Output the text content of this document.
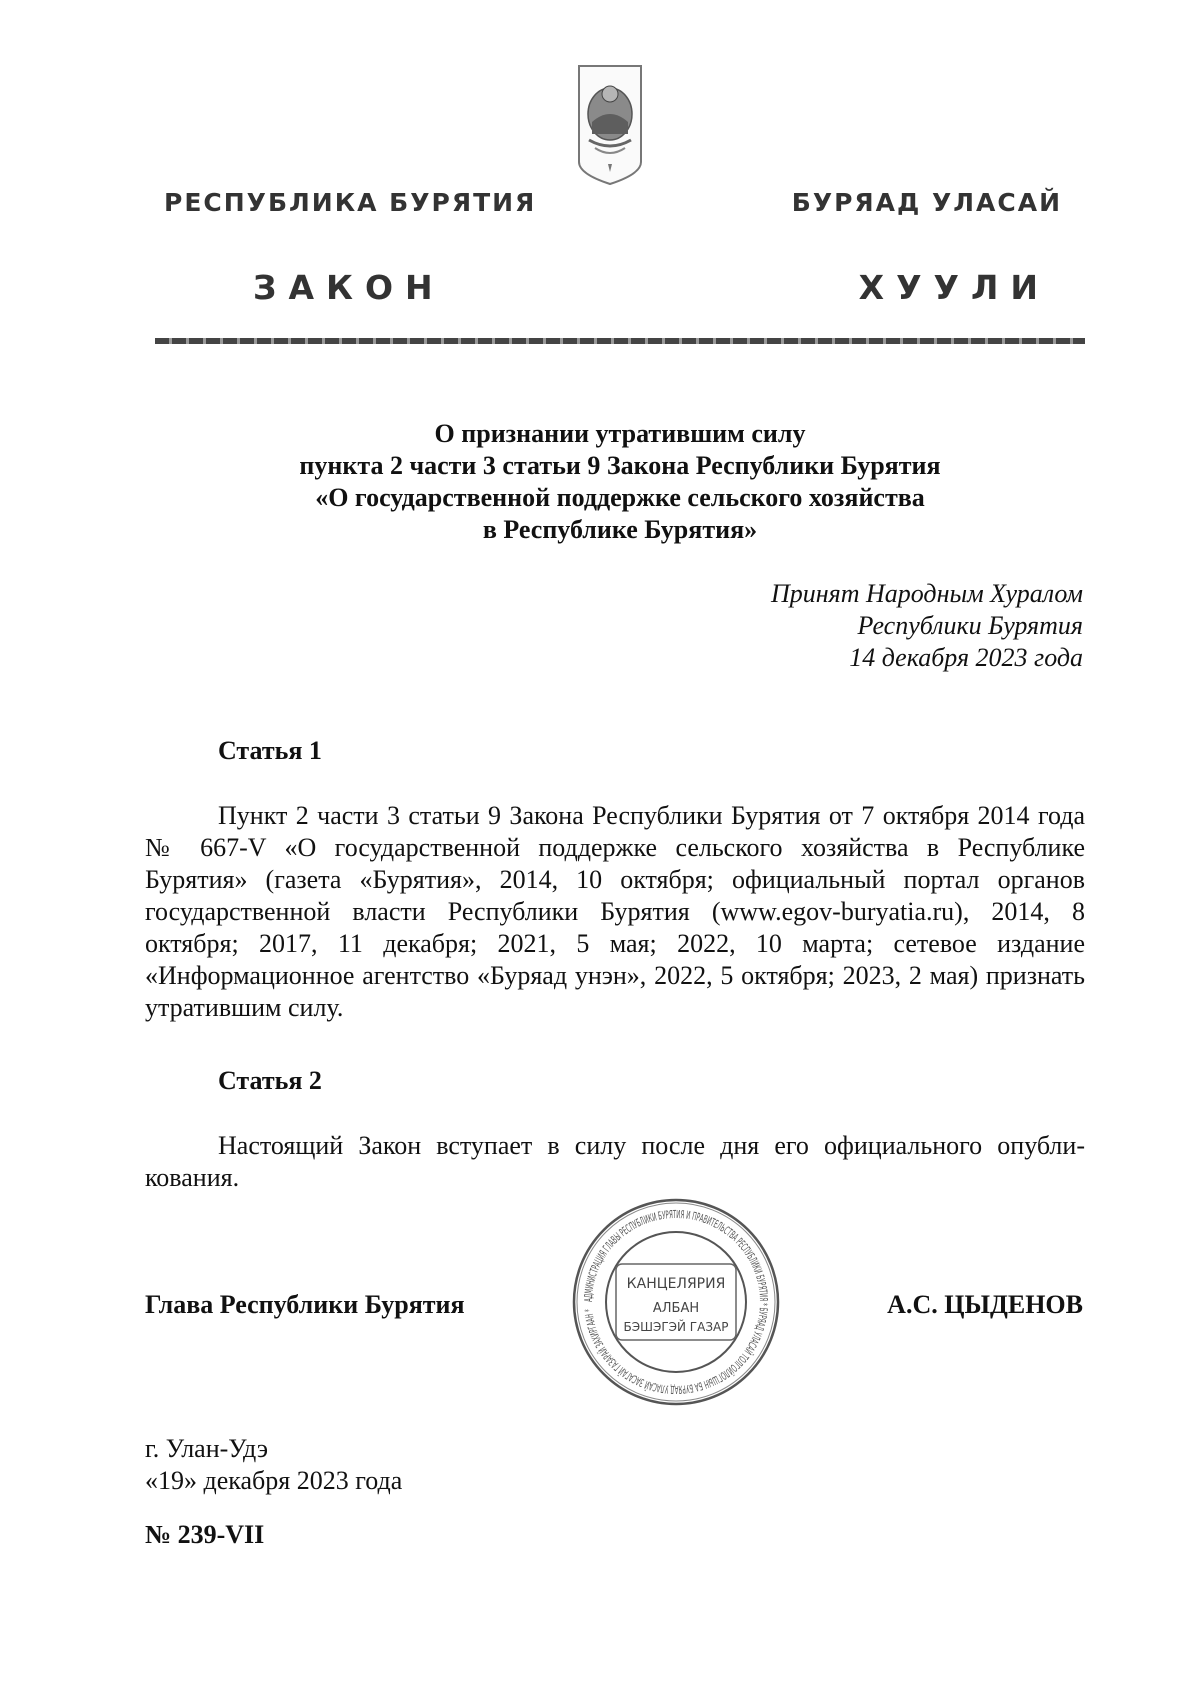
РЕСПУБЛИКА БУРЯТИЯ	БУРЯАД УЛАСАЙ
ЗАКОН	ХУУЛИ
О признании утратившим силу
пункта 2 части 3 статьи 9 Закона Республики Бурятия
«О государственной поддержке сельского хозяйства
в Республике Бурятия»
Принят Народным Хуралом
Республики Бурятия
14 декабря 2023 года
Статья 1
Пункт 2 части 3 статьи 9 Закона Республики Бурятия от 7 октября 2014 года № 667-V «О государственной поддержке сельского хозяйства в Республике Бурятия» (газета «Бурятия», 2014, 10 октября; официальный портал органов государственной власти Республики Бурятия (www.egov-buryatia.ru), 2014, 8 октября; 2017, 11 декабря; 2021, 5 мая; 2022, 10 марта; сетевое издание «Информационное агентство «Буряад унэн», 2022, 5 октября; 2023, 2 мая) признать утратившим силу.
Статья 2
Настоящий Закон вступает в силу после дня его официального опубликования.
Глава Республики Бурятия	А.С. ЦЫДЕНОВ
АДМИНИСТРАЦИЯ ГЛАВЫ РЕСПУБЛИКИ БУРЯТИЯ И ПРАВИТЕЛЬСТВА РЕСПУБЛИКИ БУРЯТИЯ * БУРЯАД УЛАСАЙ ТОЛГОЙЛОГШЫН БА БУРЯАД УЛАСАЙ ЗАСАГАЙ ГАЗАРАЙ ЗАХИРГААН *
КАНЦЕЛЯРИЯ
АЛБАН
БЭШЭГЭЙ ГАЗАР
г. Улан-Удэ
«19» декабря 2023 года
№ 239-VII
